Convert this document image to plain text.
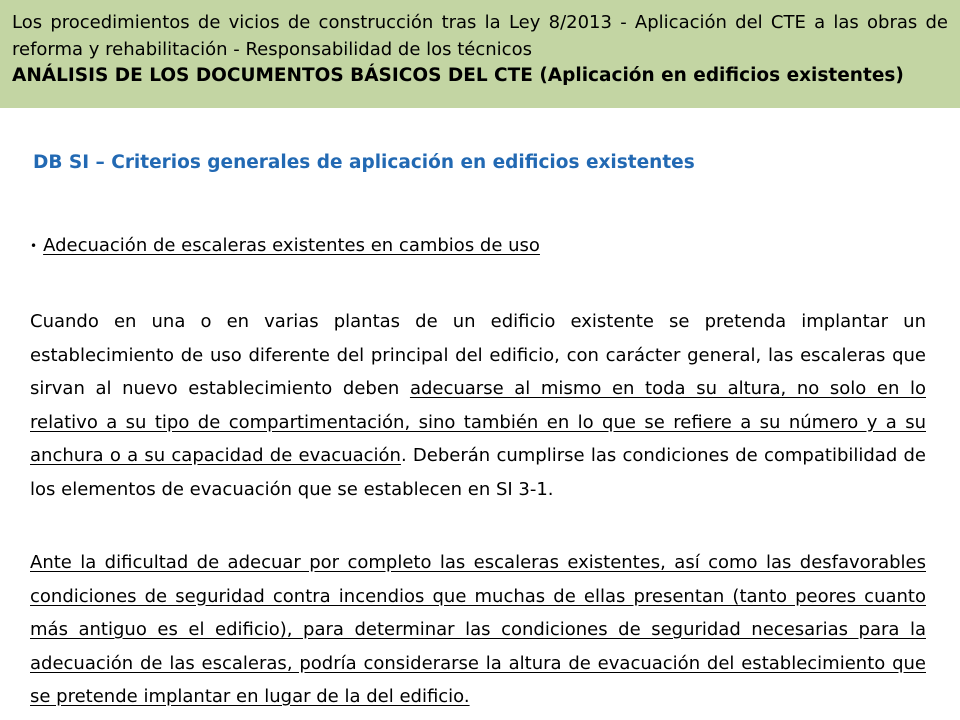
Los procedimientos de vicios de construcción tras la Ley 8/2013 - Aplicación del CTE a las obras de reforma y rehabilitación - Responsabilidad de los técnicos

ANÁLISIS DE LOS DOCUMENTOS BÁSICOS DEL CTE (Aplicación en edificios existentes)

DB SI – Criterios generales de aplicación en edificios existentes
• Adecuación de escaleras existentes en cambios de uso

Cuando en una o en varias plantas de un edificio existente se pretenda implantar un establecimiento de uso diferente del principal del edificio, con carácter general, las escaleras que sirvan al nuevo establecimiento deben adecuarse al mismo en toda su altura, no solo en lo relativo a su tipo de compartimentación, sino también en lo que se refiere a su número y a su anchura o a su capacidad de evacuación. Deberán cumplirse las condiciones de compatibilidad de los elementos de evacuación que se establecen en SI 3-1.

Ante la dificultad de adecuar por completo las escaleras existentes, así como las desfavorables condiciones de seguridad contra incendios que muchas de ellas presentan (tanto peores cuanto más antiguo es el edificio), para determinar las condiciones de seguridad necesarias para la adecuación de las escaleras, podría considerarse la altura de evacuación del establecimiento que se pretende implantar en lugar de la del edificio.
